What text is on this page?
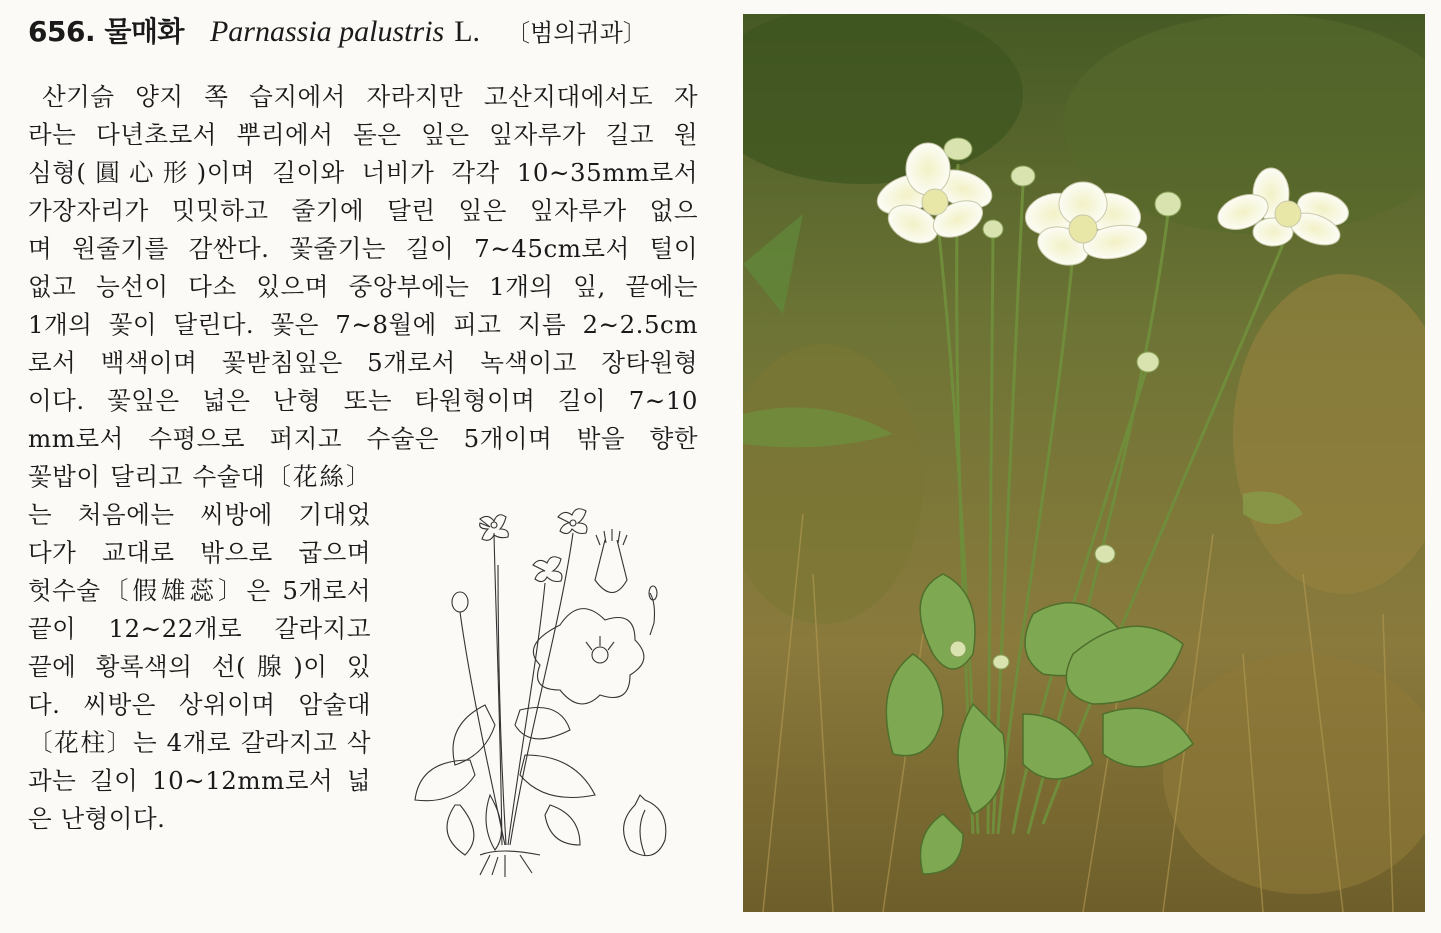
656. 물매화 Parnassia palustris L. 〔범의귀과〕
산기슭 양지 쪽 습지에서 자라지만 고산지대에서도 자
라는 다년초로서 뿌리에서 돋은 잎은 잎자루가 길고 원
심형(圓心形)이며 길이와 너비가 각각 10∼35mm로서
가장자리가 밋밋하고 줄기에 달린 잎은 잎자루가 없으
며 원줄기를 감싼다. 꽃줄기는 길이 7∼45cm로서 털이
없고 능선이 다소 있으며 중앙부에는 1개의 잎, 끝에는
1개의 꽃이 달린다. 꽃은 7∼8월에 피고 지름 2∼2.5cm
로서 백색이며 꽃받침잎은 5개로서 녹색이고 장타원형
이다. 꽃잎은 넓은 난형 또는 타원형이며 길이 7∼10
mm로서 수평으로 퍼지고 수술은 5개이며 밖을 향한
꽃밥이 달리고 수술대〔花絲〕
는 처음에는 씨방에 기대었
다가 교대로 밖으로 굽으며
헛수술〔假雄蕊〕은 5개로서
끝이 12∼22개로 갈라지고
끝에 황록색의 선(腺)이 있
다. 씨방은 상위이며 암술대
〔花柱〕는 4개로 갈라지고 삭
과는 길이 10∼12mm로서 넓
은 난형이다.
